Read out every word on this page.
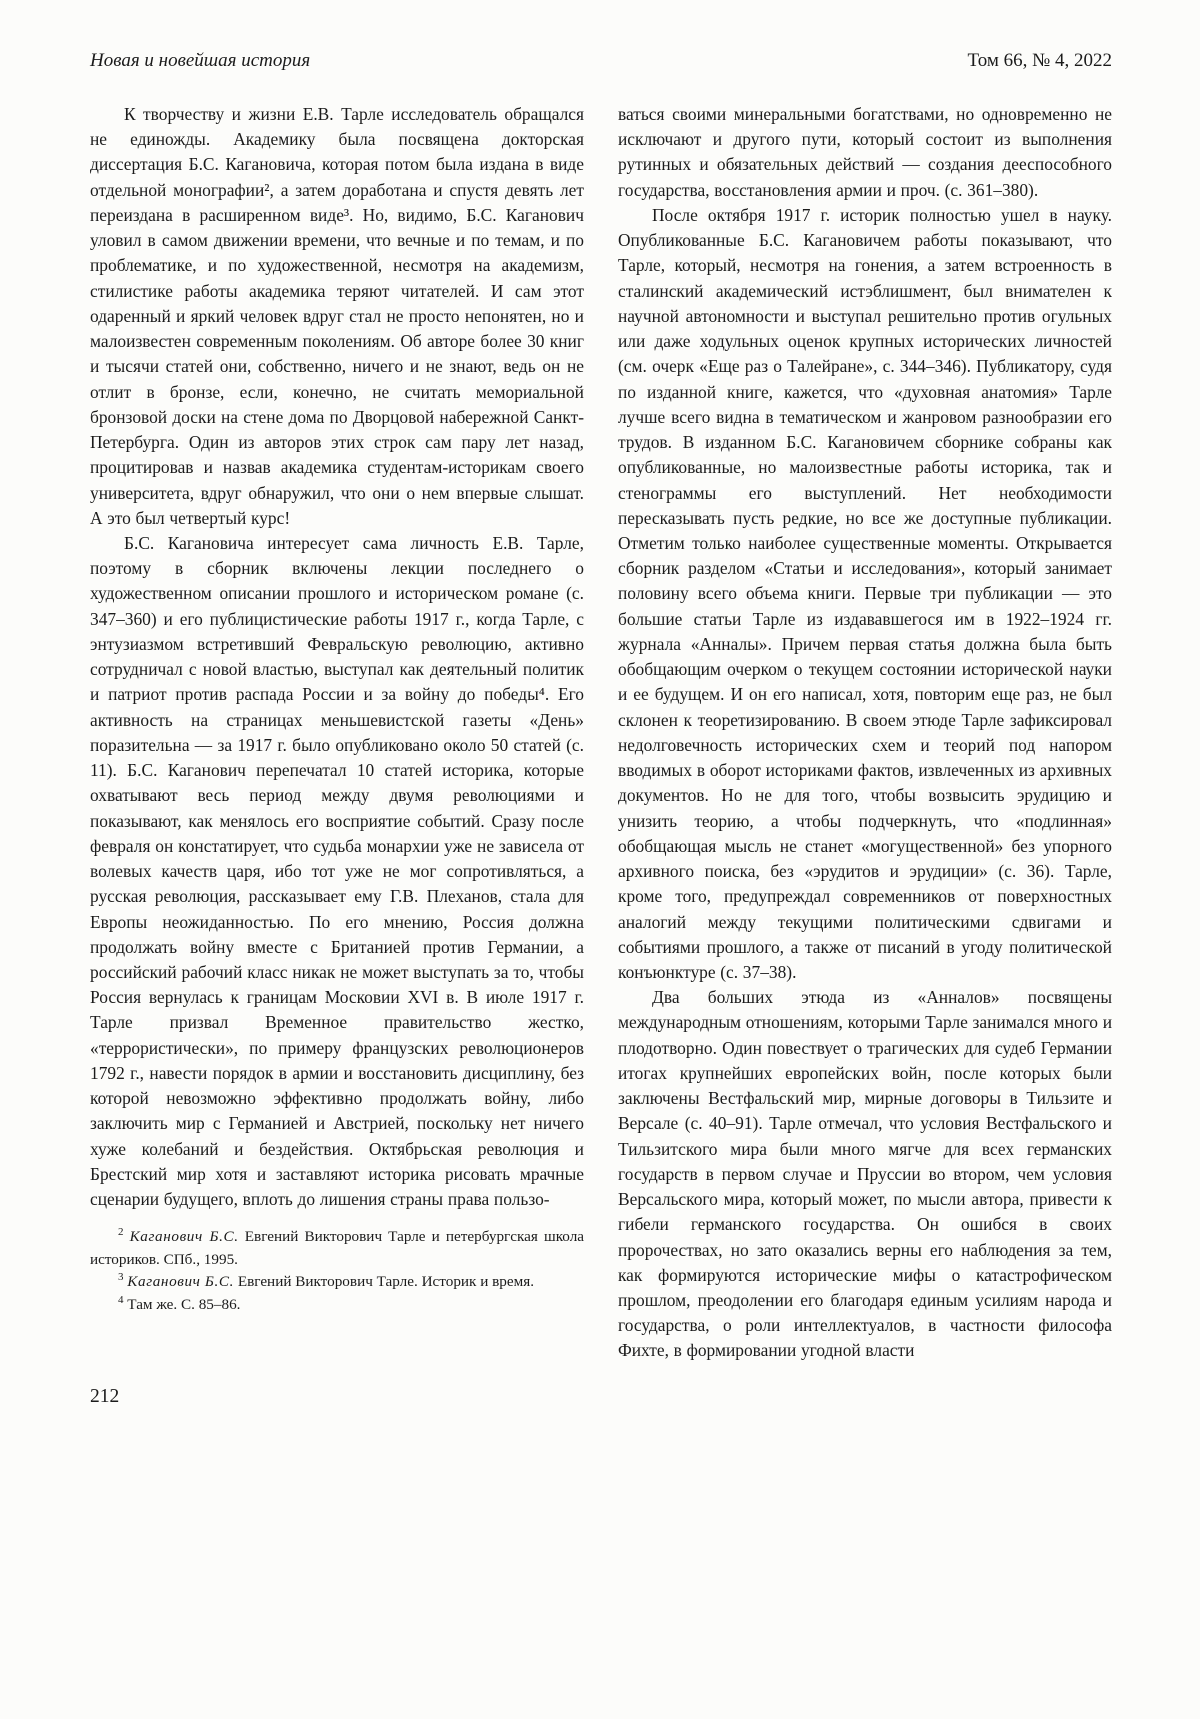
Новая и новейшая история	Том 66, № 4, 2022

К творчеству и жизни Е.В. Тарле исследователь обращался не единожды. Академику была посвящена докторская диссертация Б.С. Кагановича, которая потом была издана в виде отдельной монографии², а затем доработана и спустя девять лет переиздана в расширенном виде³. Но, видимо, Б.С. Каганович уловил в самом движении времени, что вечные и по темам, и по проблематике, и по художественной, несмотря на академизм, стилистике работы академика теряют читателей. И сам этот одаренный и яркий человек вдруг стал не просто непонятен, но и малоизвестен современным поколениям. Об авторе более 30 книг и тысячи статей они, собственно, ничего и не знают, ведь он не отлит в бронзе, если, конечно, не считать мемориальной бронзовой доски на стене дома по Дворцовой набережной Санкт-Петербурга. Один из авторов этих строк сам пару лет назад, процитировав и назвав академика студентам-историкам своего университета, вдруг обнаружил, что они о нем впервые слышат. А это был четвертый курс!

Б.С. Кагановича интересует сама личность Е.В. Тарле, поэтому в сборник включены лекции последнего о художественном описании прошлого и историческом романе (с. 347–360) и его публицистические работы 1917 г., когда Тарле, с энтузиазмом встретивший Февральскую революцию, активно сотрудничал с новой властью, выступал как деятельный политик и патриот против распада России и за войну до победы⁴. Его активность на страницах меньшевистской газеты «День» поразительна — за 1917 г. было опубликовано около 50 статей (с. 11). Б.С. Каганович перепечатал 10 статей историка, которые охватывают весь период между двумя революциями и показывают, как менялось его восприятие событий. Сразу после февраля он констатирует, что судьба монархии уже не зависела от волевых качеств царя, ибо тот уже не мог сопротивляться, а русская революция, рассказывает ему Г.В. Плеханов, стала для Европы неожиданностью. По его мнению, Россия должна продолжать войну вместе с Британией против Германии, а российский рабочий класс никак не может выступать за то, чтобы Россия вернулась к границам Московии XVI в. В июле 1917 г. Тарле призвал Временное правительство жестко, «террористически», по примеру французских революционеров 1792 г., навести порядок в армии и восстановить дисциплину, без которой невозможно эффективно продолжать войну, либо заключить мир с Германией и Австрией, поскольку нет ничего хуже колебаний и бездействия. Октябрьская революция и Брестский мир хотя и заставляют историка рисовать мрачные сценарии будущего, вплоть до лишения страны права пользо-

$^2$ Каганович Б.С. Евгений Викторович Тарле и петербургская школа историков. СПб., 1995.

$^3$ Каганович Б.С. Евгений Викторович Тарле. Историк и время.

$^4$ Там же. С. 85–86.

ваться своими минеральными богатствами, но одновременно не исключают и другого пути, который состоит из выполнения рутинных и обязательных действий — создания дееспособного государства, восстановления армии и проч. (с. 361–380).

После октября 1917 г. историк полностью ушел в науку. Опубликованные Б.С. Кагановичем работы показывают, что Тарле, который, несмотря на гонения, а затем встроенность в сталинский академический истэблишмент, был внимателен к научной автономности и выступал решительно против огульных или даже ходульных оценок крупных исторических личностей (см. очерк «Еще раз о Талейране», с. 344–346). Публикатору, судя по изданной книге, кажется, что «духовная анатомия» Тарле лучше всего видна в тематическом и жанровом разнообразии его трудов. В изданном Б.С. Кагановичем сборнике собраны как опубликованные, но малоизвестные работы историка, так и стенограммы его выступлений. Нет необходимости пересказывать пусть редкие, но все же доступные публикации. Отметим только наиболее существенные моменты. Открывается сборник разделом «Статьи и исследования», который занимает половину всего объема книги. Первые три публикации — это большие статьи Тарле из издававшегося им в 1922–1924 гг. журнала «Анналы». Причем первая статья должна была быть обобщающим очерком о текущем состоянии исторической науки и ее будущем. И он его написал, хотя, повторим еще раз, не был склонен к теоретизированию. В своем этюде Тарле зафиксировал недолговечность исторических схем и теорий под напором вводимых в оборот историками фактов, извлеченных из архивных документов. Но не для того, чтобы возвысить эрудицию и унизить теорию, а чтобы подчеркнуть, что «подлинная» обобщающая мысль не станет «могущественной» без упорного архивного поиска, без «эрудитов и эрудиции» (с. 36). Тарле, кроме того, предупреждал современников от поверхностных аналогий между текущими политическими сдвигами и событиями прошлого, а также от писаний в угоду политической конъюнктуре (с. 37–38).

Два больших этюда из «Анналов» посвящены международным отношениям, которыми Тарле занимался много и плодотворно. Один повествует о трагических для судеб Германии итогах крупнейших европейских войн, после которых были заключены Вестфальский мир, мирные договоры в Тильзите и Версале (с. 40–91). Тарле отмечал, что условия Вестфальского и Тильзитского мира были много мягче для всех германских государств в первом случае и Пруссии во втором, чем условия Версальского мира, который может, по мысли автора, привести к гибели германского государства. Он ошибся в своих пророчествах, но зато оказались верны его наблюдения за тем, как формируются исторические мифы о катастрофическом прошлом, преодолении его благодаря единым усилиям народа и государства, о роли интеллектуалов, в частности философа Фихте, в формировании угодной власти

212
